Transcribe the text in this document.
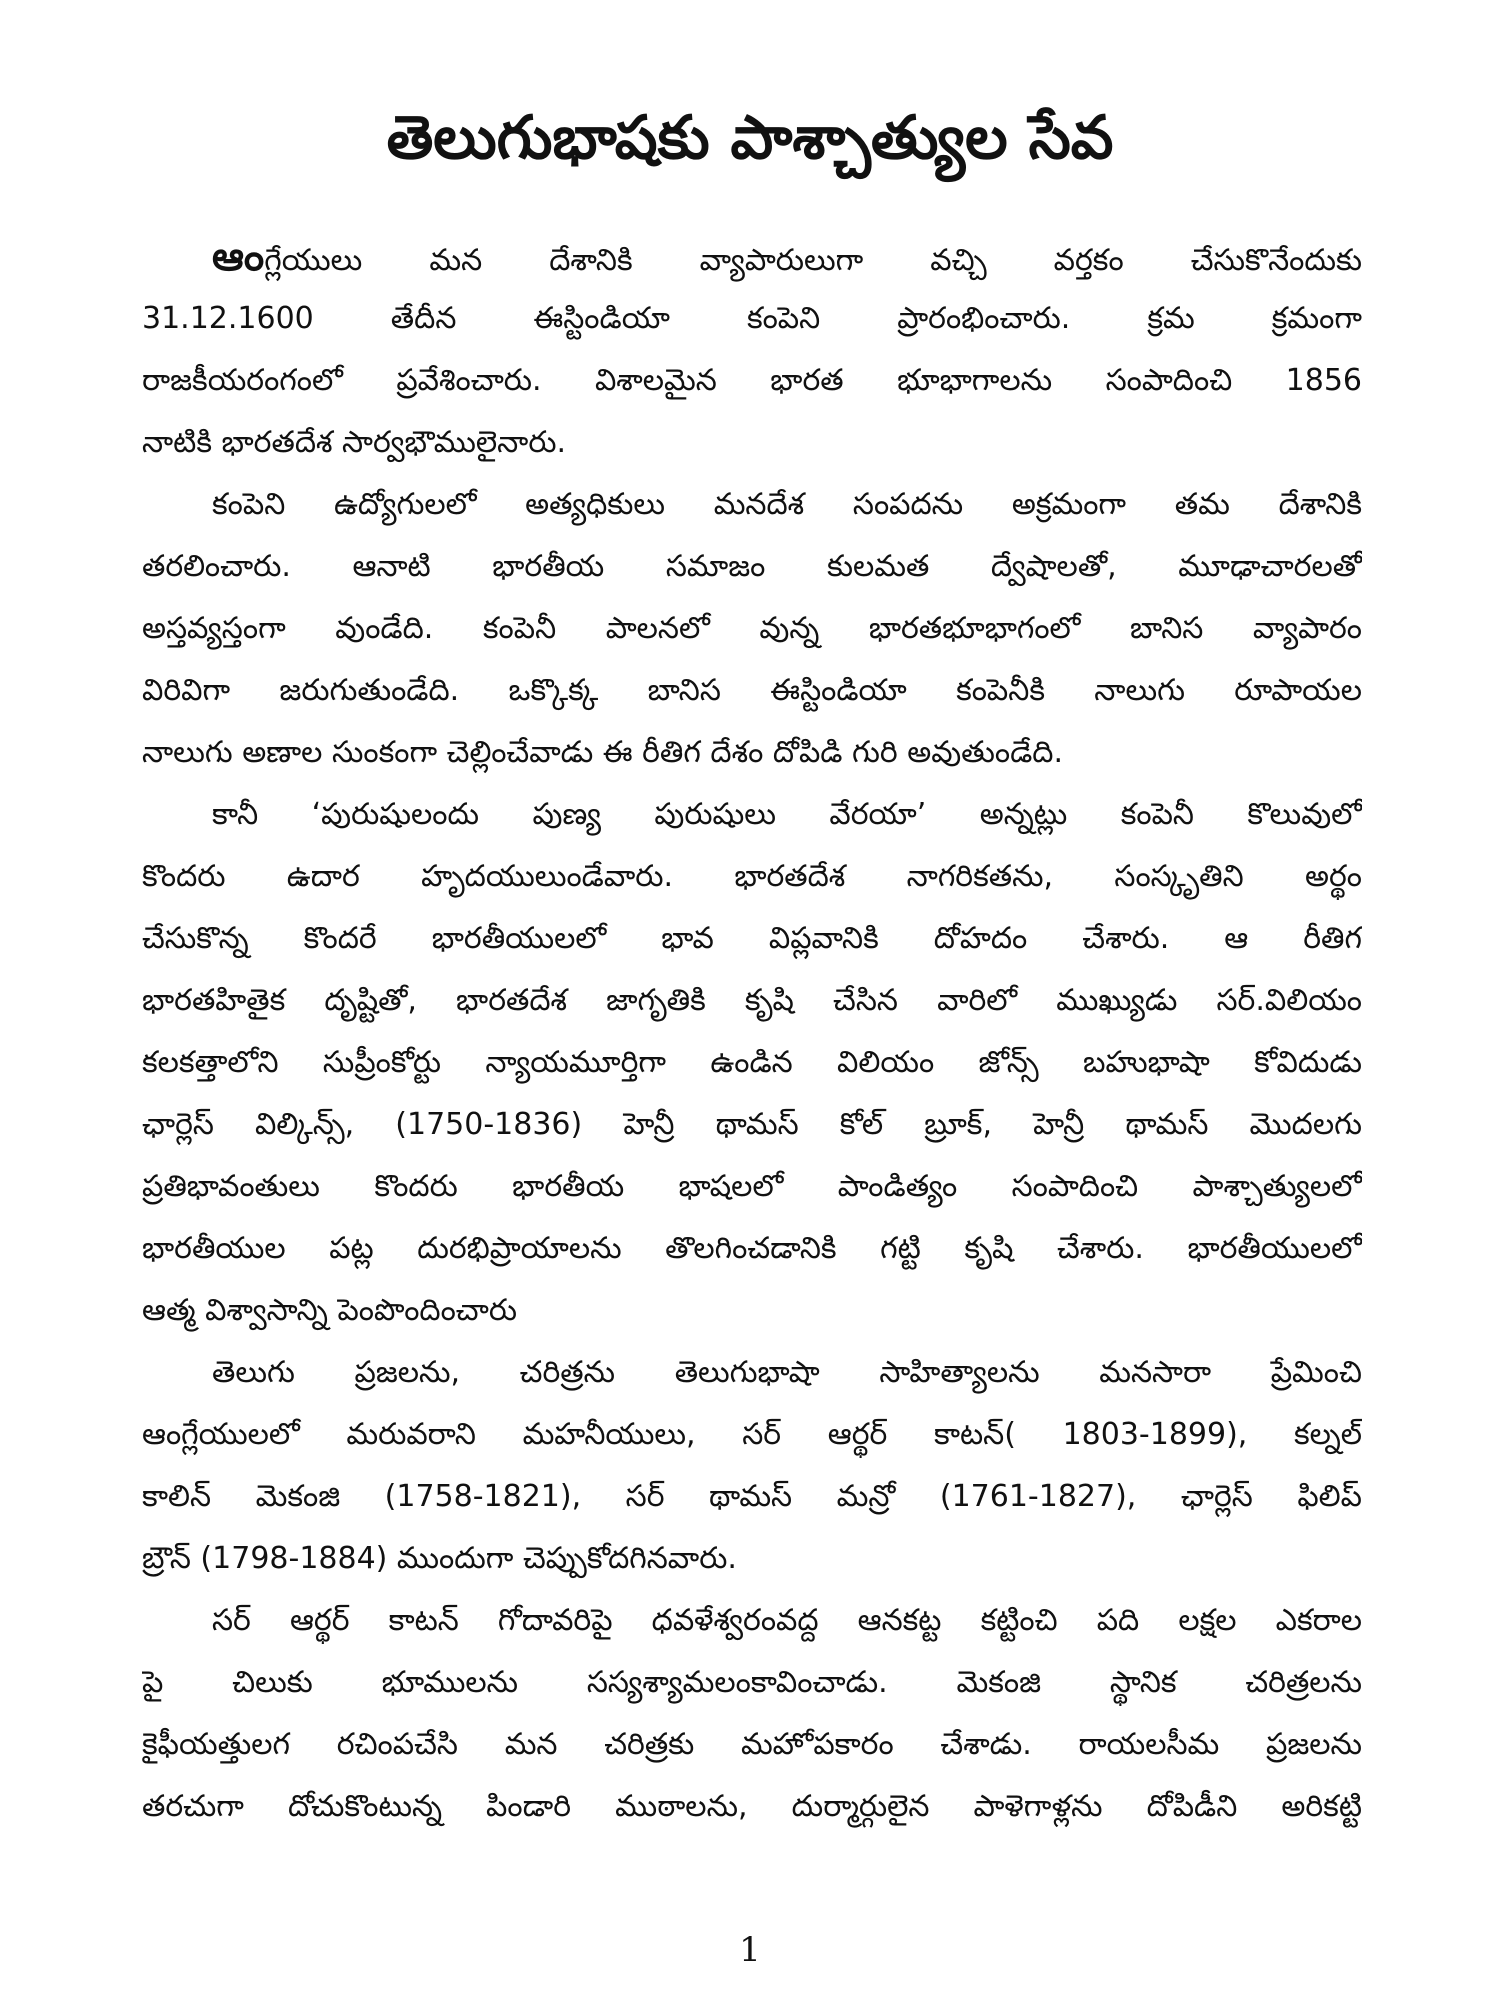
తెలుగుభాషకు పాశ్చాత్యుల సేవ
ఆంగ్లేయులు మన దేశానికి వ్యాపారులుగా వచ్చి వర్తకం చేసుకొనేందుకు
31.12.1600 తేదీన ఈస్టిండియా కంపెని ప్రారంభించారు. క్రమ క్రమంగా
రాజకీయరంగంలో ప్రవేశించారు. విశాలమైన భారత భూభాగాలను సంపాదించి 1856
నాటికి భారతదేశ సార్వభౌములైనారు.
కంపెని ఉద్యోగులలో అత్యధికులు మనదేశ సంపదను అక్రమంగా తమ దేశానికి
తరలించారు. ఆనాటి భారతీయ సమాజం కులమత ద్వేషాలతో, మూఢాచారలతో
అస్తవ్యస్తంగా వుండేది. కంపెనీ పాలనలో వున్న భారతభూభాగంలో బానిస వ్యాపారం
విరివిగా జరుగుతుండేది. ఒక్కొక్క బానిస ఈస్టిండియా కంపెనీకి నాలుగు రూపాయల
నాలుగు అణాల సుంకంగా చెల్లించేవాడు ఈ రీతిగ దేశం దోపిడి గురి అవుతుండేది.
కానీ ‘పురుషులందు పుణ్య పురుషులు వేరయా’ అన్నట్లు కంపెనీ కొలువులో
కొందరు ఉదార హృదయులుండేవారు. భారతదేశ నాగరికతను, సంస్కృతిని అర్థం
చేసుకొన్న కొందరే భారతీయులలో భావ విప్లవానికి దోహదం చేశారు. ఆ రీతిగ
భారతహితైక దృష్టితో, భారతదేశ జాగృతికి కృషి చేసిన వారిలో ముఖ్యుడు సర్.విలియం
కలకత్తాలోని సుప్రీంకోర్టు న్యాయమూర్తిగా ఉండిన విలియం జోన్స్ బహుభాషా కోవిదుడు
ఛార్లెస్ విల్కిన్స్, (1750-1836) హెన్రీ థామస్ కోల్ బ్రూక్, హెన్రీ థామస్ మొదలగు
ప్రతిభావంతులు కొందరు భారతీయ భాషలలో పాండిత్యం సంపాదించి పాశ్చాత్యులలో
భారతీయుల పట్ల దురభిప్రాయాలను తొలగించడానికి గట్టి కృషి చేశారు. భారతీయులలో
ఆత్మ విశ్వాసాన్ని పెంపొందించారు
తెలుగు ప్రజలను, చరిత్రను తెలుగుభాషా సాహిత్యాలను మనసారా ప్రేమించి
ఆంగ్లేయులలో మరువరాని మహనీయులు, సర్ ఆర్థర్ కాటన్( 1803-1899), కల్నల్
కాలిన్ మెకంజి (1758-1821), సర్ థామస్ మన్రో (1761-1827), ఛార్లెస్ ఫిలిప్
బ్రౌన్ (1798-1884) ముందుగా చెప్పుకోదగినవారు.
సర్ ఆర్థర్ కాటన్ గోదావరిపై ధవళేశ్వరంవద్ద ఆనకట్ట కట్టించి పది లక్షల ఎకరాల
పై చిలుకు భూములను సస్యశ్యామలంకావించాడు. మెకంజి స్థానిక చరిత్రలను
కైఫీయత్తులగ రచింపచేసి మన చరిత్రకు మహోపకారం చేశాడు. రాయలసీమ ప్రజలను
తరచుగా దోచుకొంటున్న పిండారి ముఠాలను, దుర్మార్గులైన పాళెగాళ్లను దోపిడీని అరికట్టి
1
